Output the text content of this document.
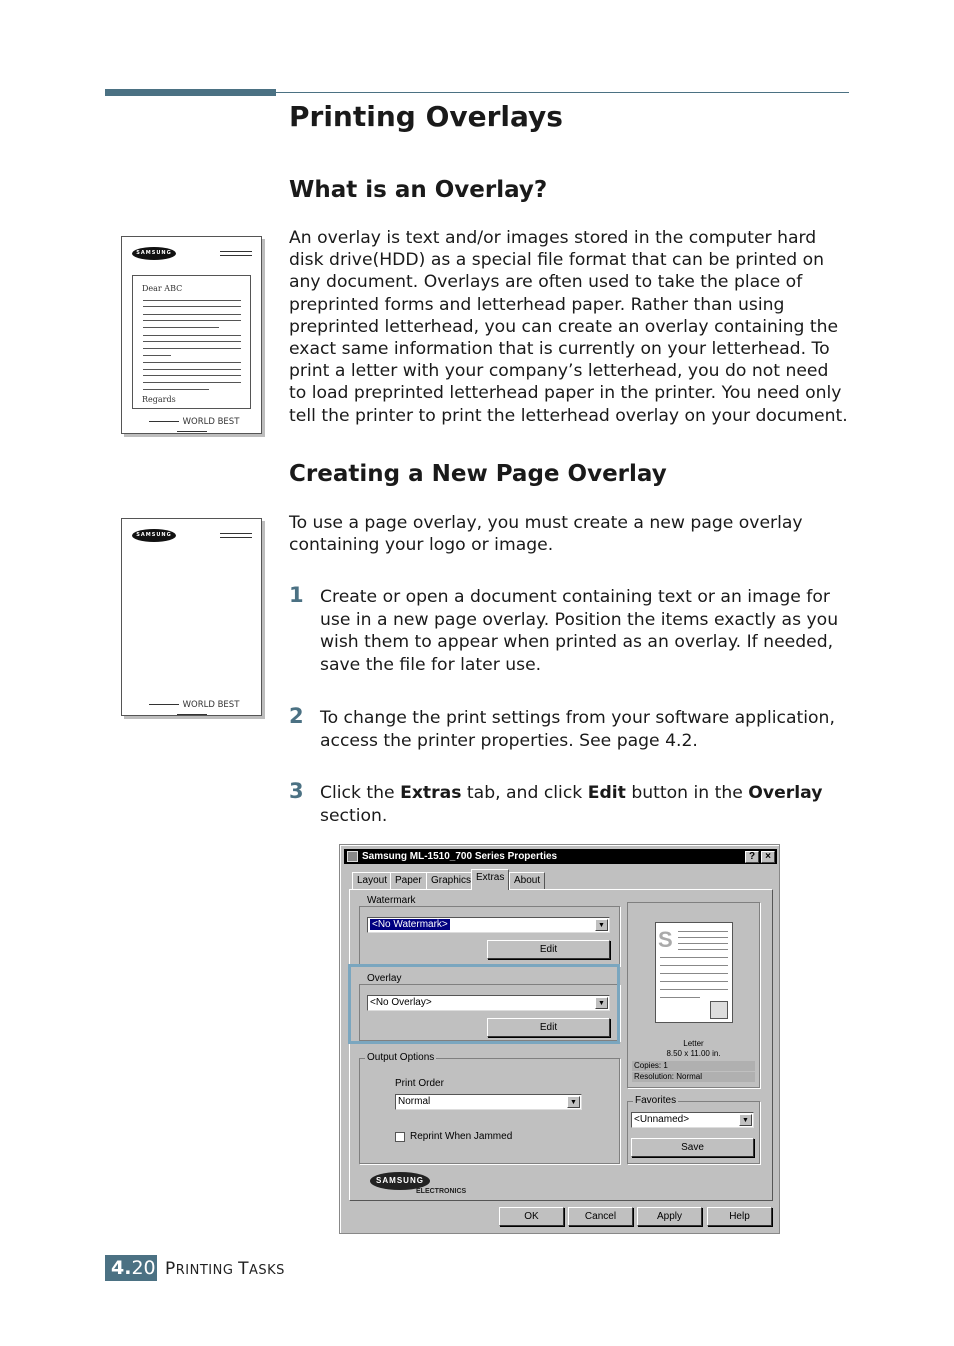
Printing Overlays
What is an Overlay?
An overlay is text and/or images stored in the computer hard
disk drive(HDD) as a special file format that can be printed on
any document. Overlays are often used to take the place of
preprinted forms and letterhead paper. Rather than using
preprinted letterhead, you can create an overlay containing the
exact same information that is currently on your letterhead. To
print a letter with your company’s letterhead, you do not need
to load preprinted letterhead paper in the printer. You need only
tell the printer to print the letterhead overlay on your document.
SAMSUNG
Dear ABC
Regards
WORLD BEST
Creating a New Page Overlay
To use a page overlay, you must create a new page overlay
containing your logo or image.
SAMSUNG
WORLD BEST
1 Create or open a document containing text or an image for
use in a new page overlay. Position the items exactly as you
wish them to appear when printed as an overlay. If needed,
save the file for later use.
2 To change the print settings from your software application,
access the printer properties. See page 4.2.
3 Click the Extras tab, and click Edit button in the Overlay
section.
Samsung ML-1510_700 Series Properties	?	×
Layout Paper Graphics Extras About
Watermark
<No Watermark>	▼
Edit
Overlay
<No Overlay>	▼
Edit
Output Options
Print Order
Normal	▼
Reprint When Jammed
S
Letter
8.50 x 11.00 in.
Copies: 1
Resolution: Normal
Favorites
<Unnamed>	▼
Save
SAMSUNG
ELECTRONICS
OK	Cancel	Apply	Help
4.20 PRINTING TASKS
